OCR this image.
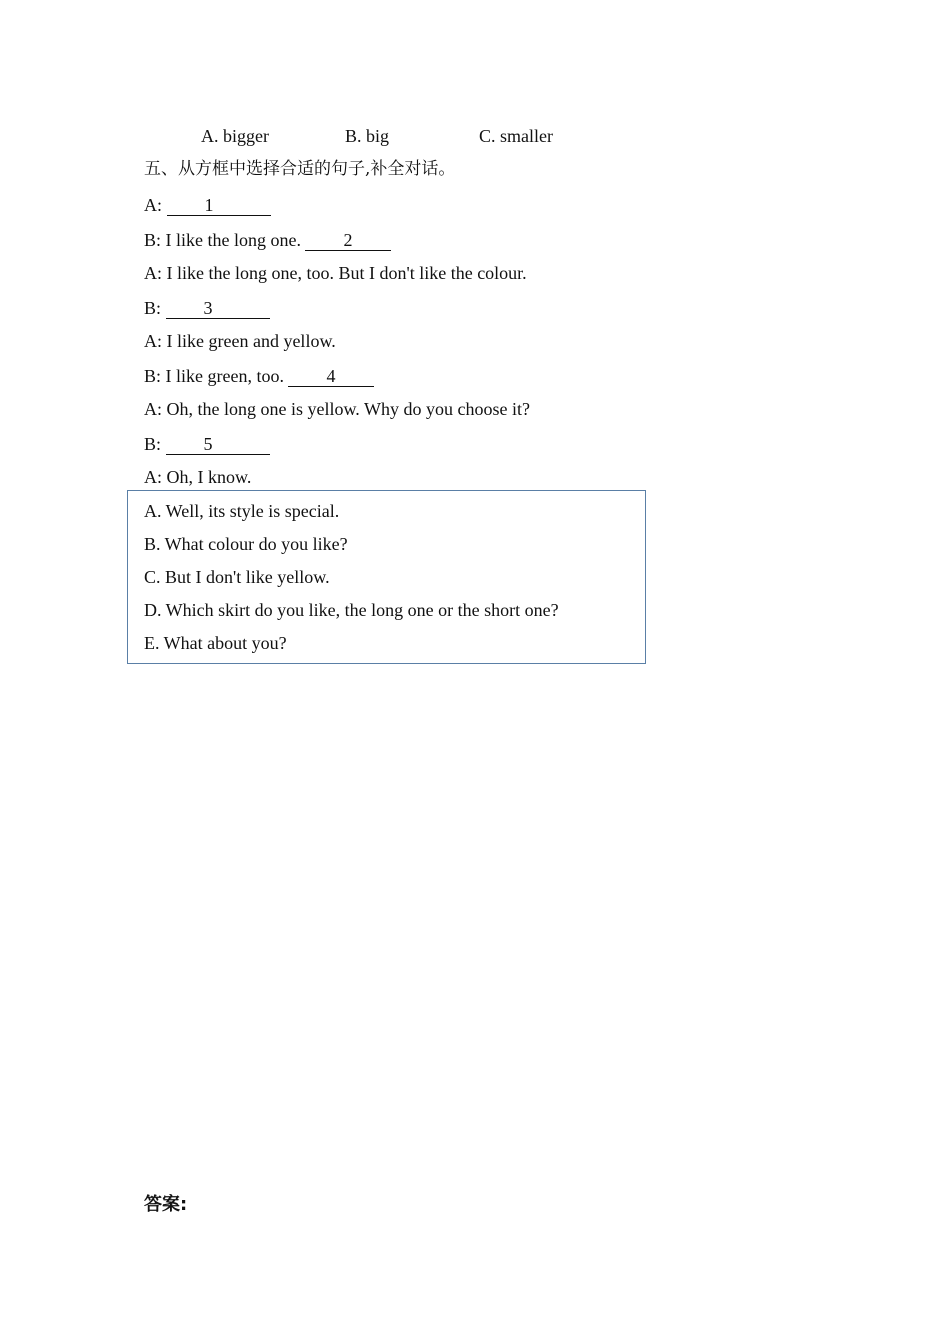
A. bigger	B. big	C. smaller
五、从方框中选择合适的句子,补全对话。
A: 1
B: I like the long one. 2
A: I like the long one, too. But I don't like the colour.
B: 3
A: I like green and yellow.
B: I like green, too. 4
A: Oh, the long one is yellow. Why do you choose it?
B: 5
A: Oh, I know.
A. Well, its style is special.
B. What colour do you like?
C. But I don't like yellow.
D. Which skirt do you like, the long one or the short one?
E. What about you?
答案:
